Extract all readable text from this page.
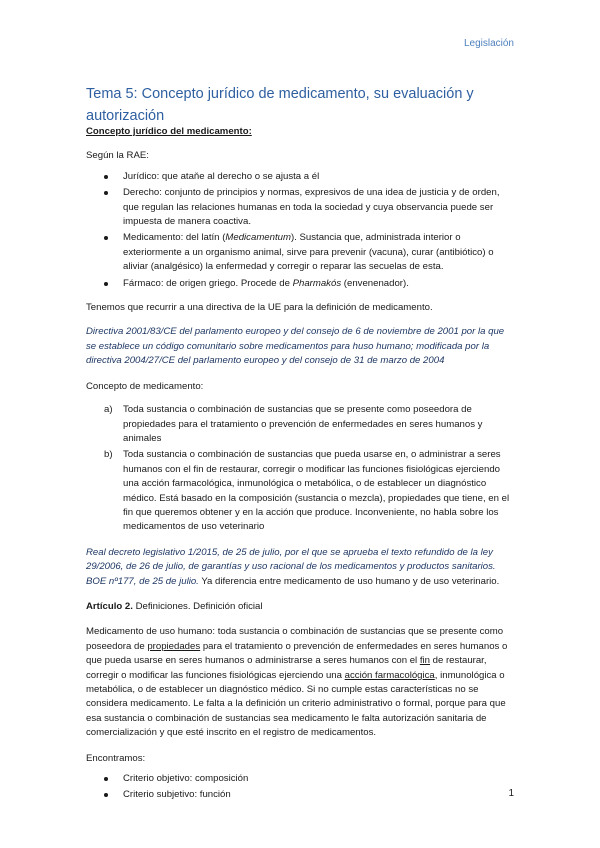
Legislación
Tema 5: Concepto jurídico de medicamento, su evaluación y autorización

Concepto jurídico del medicamento:

Según la RAE:

Jurídico: que ataňe al derecho o se ajusta a él
Derecho: conjunto de principios y normas, expresivos de una idea de justicia y de orden, que regulan las relaciones humanas en toda la sociedad y cuya observancia puede ser impuesta de manera coactiva.
Medicamento: del latín (Medicamentum). Sustancia que, administrada interior o exteriormente a un organismo animal, sirve para prevenir (vacuna), curar (antibiótico) o aliviar (analgésico) la enfermedad y corregir o reparar las secuelas de esta.
Fármaco: de origen griego. Procede de Pharmakós (envenenador).

Tenemos que recurrir a una directiva de la UE para la definición de medicamento.

Directiva 2001/83/CE del parlamento europeo y del consejo de 6 de noviembre de 2001 por la que se establece un código comunitario sobre medicamentos para huso humano; modificada por la directiva 2004/27/CE del parlamento europeo y del consejo de 31 de marzo de 2004

Concepto de medicamento:

a) Toda sustancia o combinación de sustancias que se presente como poseedora de propiedades para el tratamiento o prevención de enfermedades en seres humanos y animales
b) Toda sustancia o combinación de sustancias que pueda usarse en, o administrar a seres humanos con el fin de restaurar, corregir o modificar las funciones fisiológicas ejerciendo una acción farmacológica, inmunológica o metabólica, o de establecer un diagnóstico médico. Está basado en la composición (sustancia o mezcla), propiedades que tiene, en el fin que queremos obtener y en la acción que produce. Inconveniente, no habla sobre los medicamentos de uso veterinario

Real decreto legislativo 1/2015, de 25 de julio, por el que se aprueba el texto refundido de la ley 29/2006, de 26 de julio, de garantías y uso racional de los medicamentos y productos sanitarios. BOE nº177, de 25 de julio. Ya diferencia entre medicamento de uso humano y de uso veterinario.

Artículo 2. Definiciones. Definición oficial

Medicamento de uso humano: toda sustancia o combinación de sustancias que se presente como poseedora de propiedades para el tratamiento o prevención de enfermedades en seres humanos o que pueda usarse en seres humanos o administrarse a seres humanos con el fin de restaurar, corregir o modificar las funciones fisiológicas ejerciendo una acción farmacológica, inmunológica o metabólica, o de establecer un diagnóstico médico. Si no cumple estas características no se considera medicamento. Le falta a la definición un criterio administrativo o formal, porque para que esa sustancia o combinación de sustancias sea medicamento le falta autorización sanitaria de comercialización y que esté inscrito en el registro de medicamentos.

Encontramos:

Criterio objetivo: composición
Criterio subjetivo: función	1
